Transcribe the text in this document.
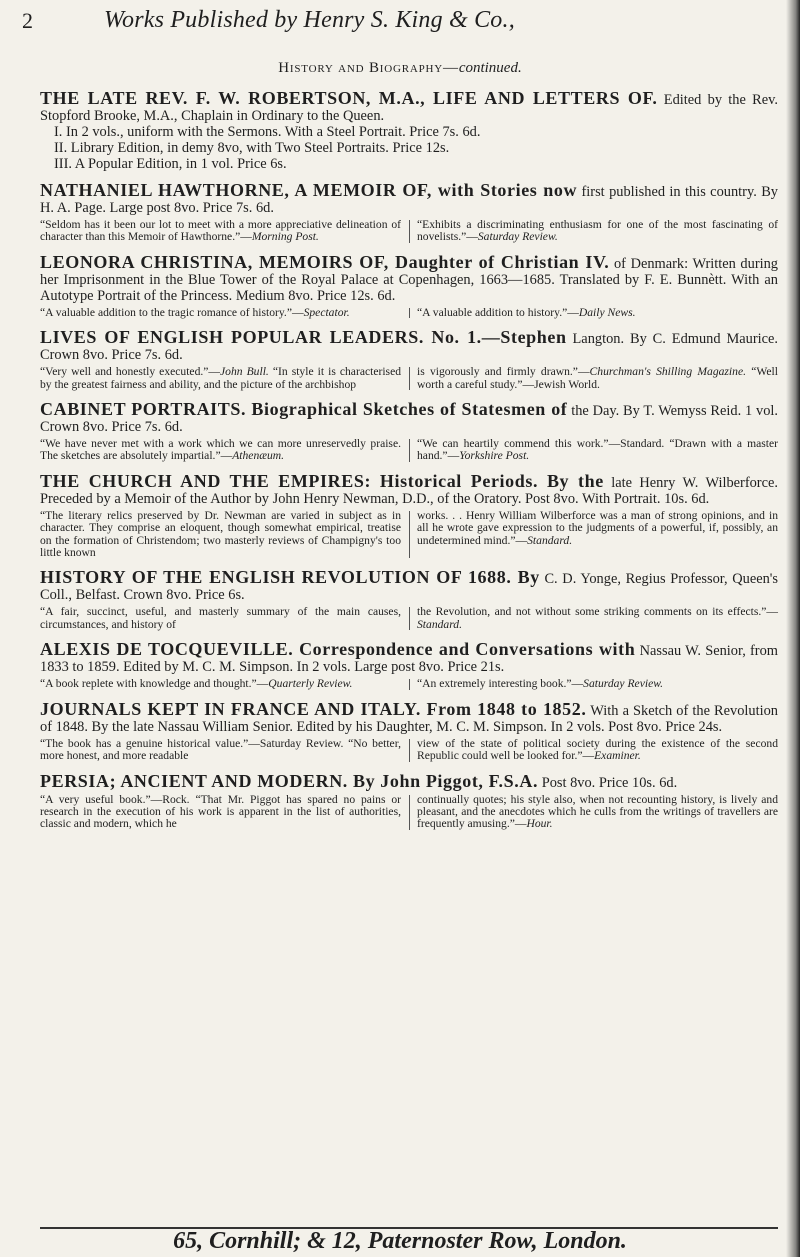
2	Works Published by Henry S. King & Co.,
History and Biography—continued.
THE LATE REV. F. W. ROBERTSON, M.A., LIFE AND LETTERS OF. Edited by the Rev. Stopford Brooke, M.A., Chaplain in Ordinary to the Queen.
I. In 2 vols., uniform with the Sermons. With a Steel Portrait. Price 7s. 6d.
II. Library Edition, in demy 8vo, with Two Steel Portraits. Price 12s.
III. A Popular Edition, in 1 vol. Price 6s.
NATHANIEL HAWTHORNE, A MEMOIR OF, with Stories now first published in this country. By H. A. Page. Large post 8vo. Price 7s. 6d.
“Seldom has it been our lot to meet with a more appreciative delineation of character than this Memoir of Hawthorne.”—Morning Post.
“Exhibits a discriminating enthusiasm for one of the most fascinating of novelists.”—Saturday Review.
LEONORA CHRISTINA, MEMOIRS OF, Daughter of Christian IV. of Denmark: Written during her Imprisonment in the Blue Tower of the Royal Palace at Copenhagen, 1663—1685. Translated by F. E. Bunnètt. With an Autotype Portrait of the Princess. Medium 8vo. Price 12s. 6d.
“A valuable addition to the tragic romance of history.”—Spectator.	“A valuable addition to history.”—Daily News.
LIVES OF ENGLISH POPULAR LEADERS. No. 1.—Stephen Langton. By C. Edmund Maurice. Crown 8vo. Price 7s. 6d.
“Very well and honestly executed.”—John Bull. “In style it is characterised by the greatest fairness and ability, and the picture of the archbishop
is vigorously and firmly drawn.”—Churchman's Shilling Magazine. “Well worth a careful study.”—Jewish World.
CABINET PORTRAITS. Biographical Sketches of Statesmen of the Day. By T. Wemyss Reid. 1 vol. Crown 8vo. Price 7s. 6d.
“We have never met with a work which we can more unreservedly praise. The sketches are absolutely impartial.”—Athenæum.
“We can heartily commend this work.”—Standard. “Drawn with a master hand.”—Yorkshire Post.
THE CHURCH AND THE EMPIRES: Historical Periods. By the late Henry W. Wilberforce. Preceded by a Memoir of the Author by John Henry Newman, D.D., of the Oratory. Post 8vo. With Portrait. 10s. 6d.
“The literary relics preserved by Dr. Newman are varied in subject as in character. They comprise an eloquent, though somewhat empirical, treatise on the formation of Christendom; two masterly reviews of Champigny's too little known
works. . . Henry William Wilberforce was a man of strong opinions, and in all he wrote gave expression to the judgments of a powerful, if, possibly, an undetermined mind.”—Standard.
HISTORY OF THE ENGLISH REVOLUTION OF 1688. By C. D. Yonge, Regius Professor, Queen's Coll., Belfast. Crown 8vo. Price 6s.
“A fair, succinct, useful, and masterly summary of the main causes, circumstances, and history of
the Revolution, and not without some striking comments on its effects.”—Standard.
ALEXIS DE TOCQUEVILLE. Correspondence and Conversations with Nassau W. Senior, from 1833 to 1859. Edited by M. C. M. Simpson. In 2 vols. Large post 8vo. Price 21s.
“A book replete with knowledge and thought.”—Quarterly Review.	“An extremely interesting book.”—Saturday Review.
JOURNALS KEPT IN FRANCE AND ITALY. From 1848 to 1852. With a Sketch of the Revolution of 1848. By the late Nassau William Senior. Edited by his Daughter, M. C. M. Simpson. In 2 vols. Post 8vo. Price 24s.
“The book has a genuine historical value.”—Saturday Review. “No better, more honest, and more readable
view of the state of political society during the existence of the second Republic could well be looked for.”—Examiner.
PERSIA; ANCIENT AND MODERN. By John Piggot, F.S.A. Post 8vo. Price 10s. 6d.
“A very useful book.”—Rock. “That Mr. Piggot has spared no pains or research in the execution of his work is apparent in the list of authorities, classic and modern, which he
continually quotes; his style also, when not recounting history, is lively and pleasant, and the anecdotes which he culls from the writings of travellers are frequently amusing.”—Hour.
65, Cornhill; & 12, Paternoster Row, London.
